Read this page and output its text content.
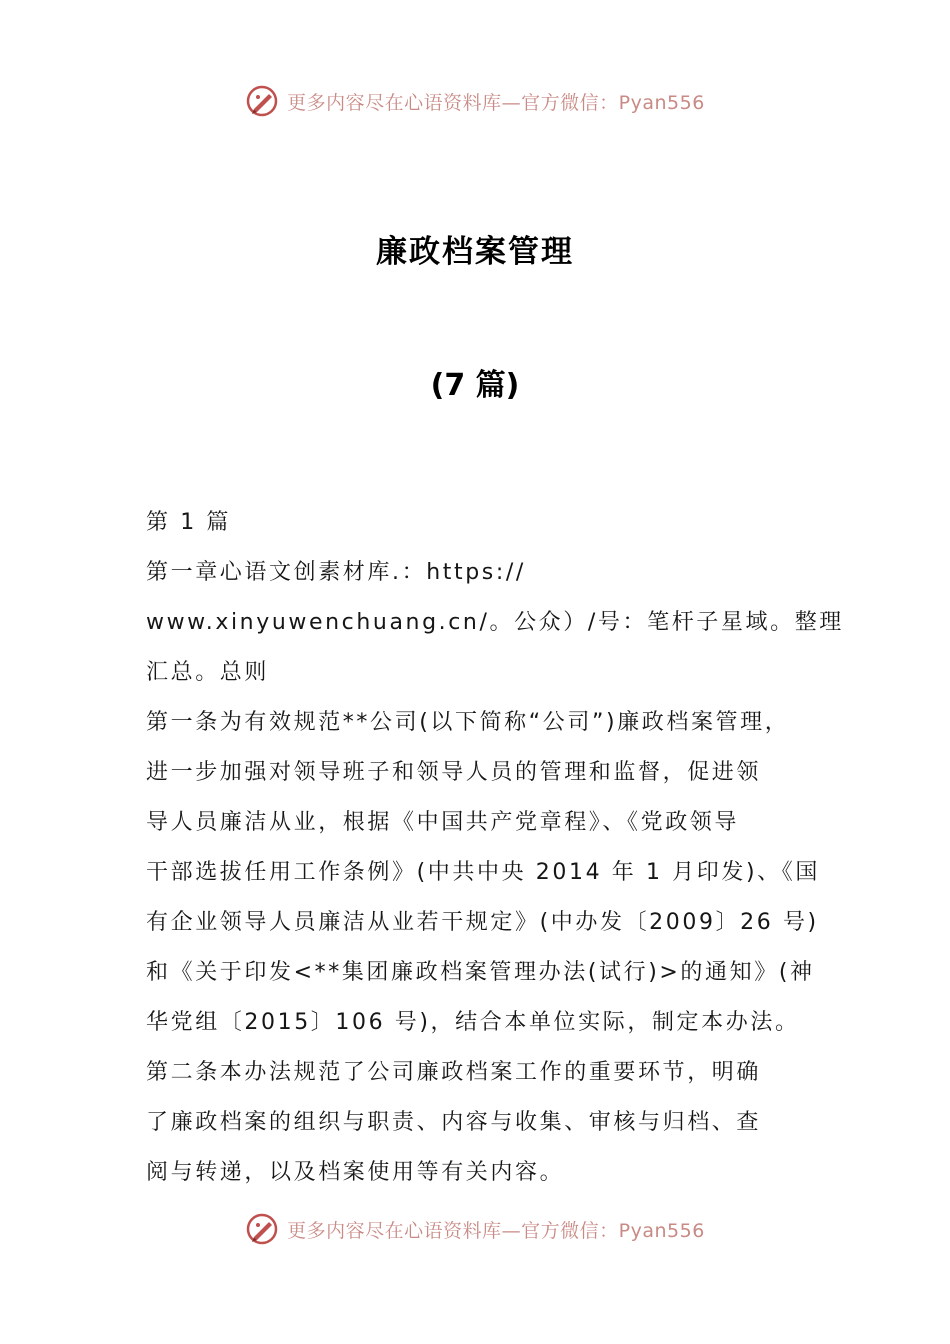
更多内容尽在心语资料库—官方微信：Pyan556
廉政档案管理
(7 篇)
第 1 篇
第一章心语文创素材库.：https://
www.xinyuwenchuang.cn/。公众）/号：笔杆子星域。整理
汇总。总则
第一条为有效规范**公司(以下简称“公司”)廉政档案管理，
进一步加强对领导班子和领导人员的管理和监督，促进领
导人员廉洁从业，根据《中国共产党章程》、《党政领导
干部选拔任用工作条例》(中共中央 2014 年 1 月印发)、《国
有企业领导人员廉洁从业若干规定》(中办发〔2009〕26 号)
和《关于印发<**集团廉政档案管理办法(试行)>的通知》(神
华党组〔2015〕106 号)，结合本单位实际，制定本办法。
第二条本办法规范了公司廉政档案工作的重要环节，明确
了廉政档案的组织与职责、内容与收集、审核与归档、查
阅与转递，以及档案使用等有关内容。
更多内容尽在心语资料库—官方微信：Pyan556
